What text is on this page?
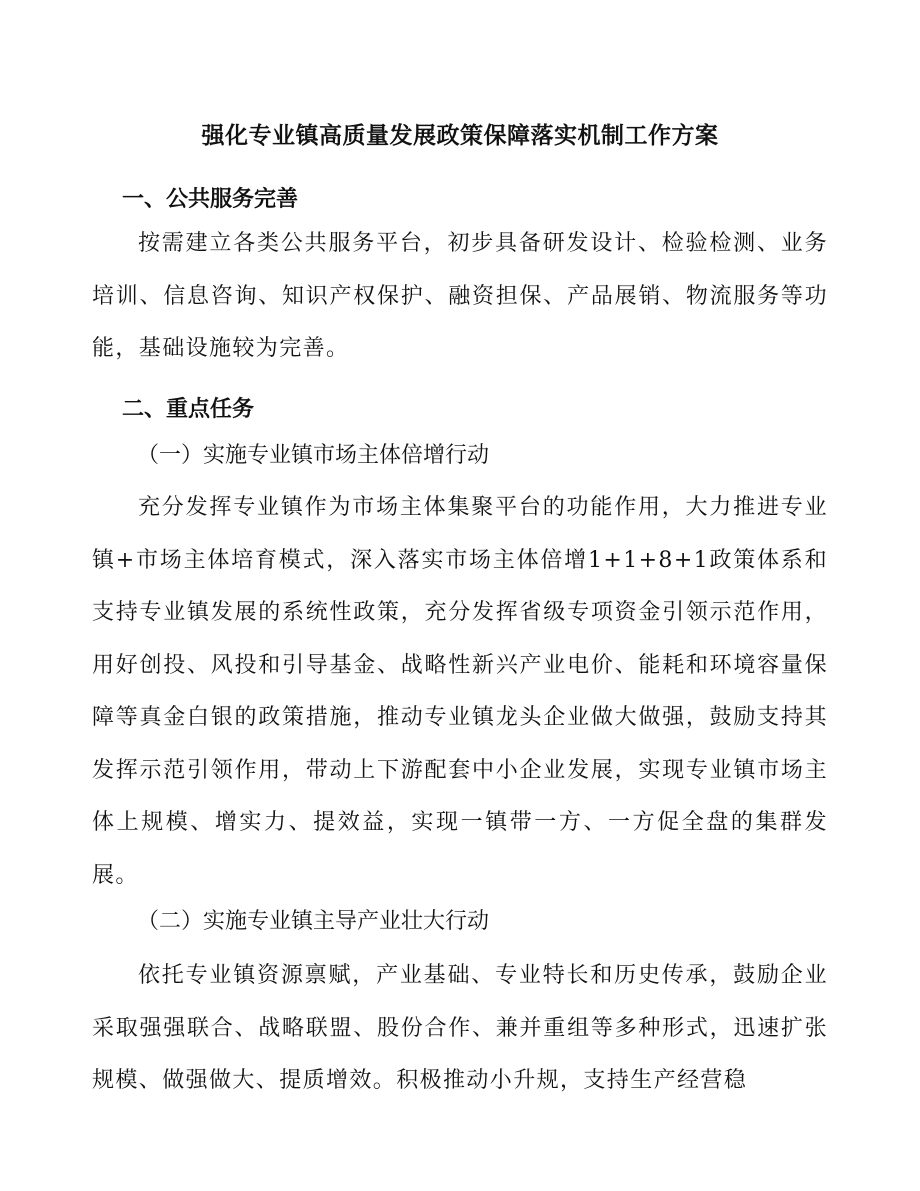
强化专业镇高质量发展政策保障落实机制工作方案
一、公共服务完善
按需建立各类公共服务平台，初步具备研发设计、检验检测、业务培训、信息咨询、知识产权保护、融资担保、产品展销、物流服务等功能，基础设施较为完善。
二、重点任务
（一）实施专业镇市场主体倍增行动
充分发挥专业镇作为市场主体集聚平台的功能作用，大力推进专业镇+市场主体培育模式，深入落实市场主体倍增1+1+8+1政策体系和支持专业镇发展的系统性政策，充分发挥省级专项资金引领示范作用，用好创投、风投和引导基金、战略性新兴产业电价、能耗和环境容量保障等真金白银的政策措施，推动专业镇龙头企业做大做强，鼓励支持其发挥示范引领作用，带动上下游配套中小企业发展，实现专业镇市场主体上规模、增实力、提效益，实现一镇带一方、一方促全盘的集群发展。
（二）实施专业镇主导产业壮大行动
依托专业镇资源禀赋，产业基础、专业特长和历史传承，鼓励企业采取强强联合、战略联盟、股份合作、兼并重组等多种形式，迅速扩张规模、做强做大、提质增效。积极推动小升规，支持生产经营稳
